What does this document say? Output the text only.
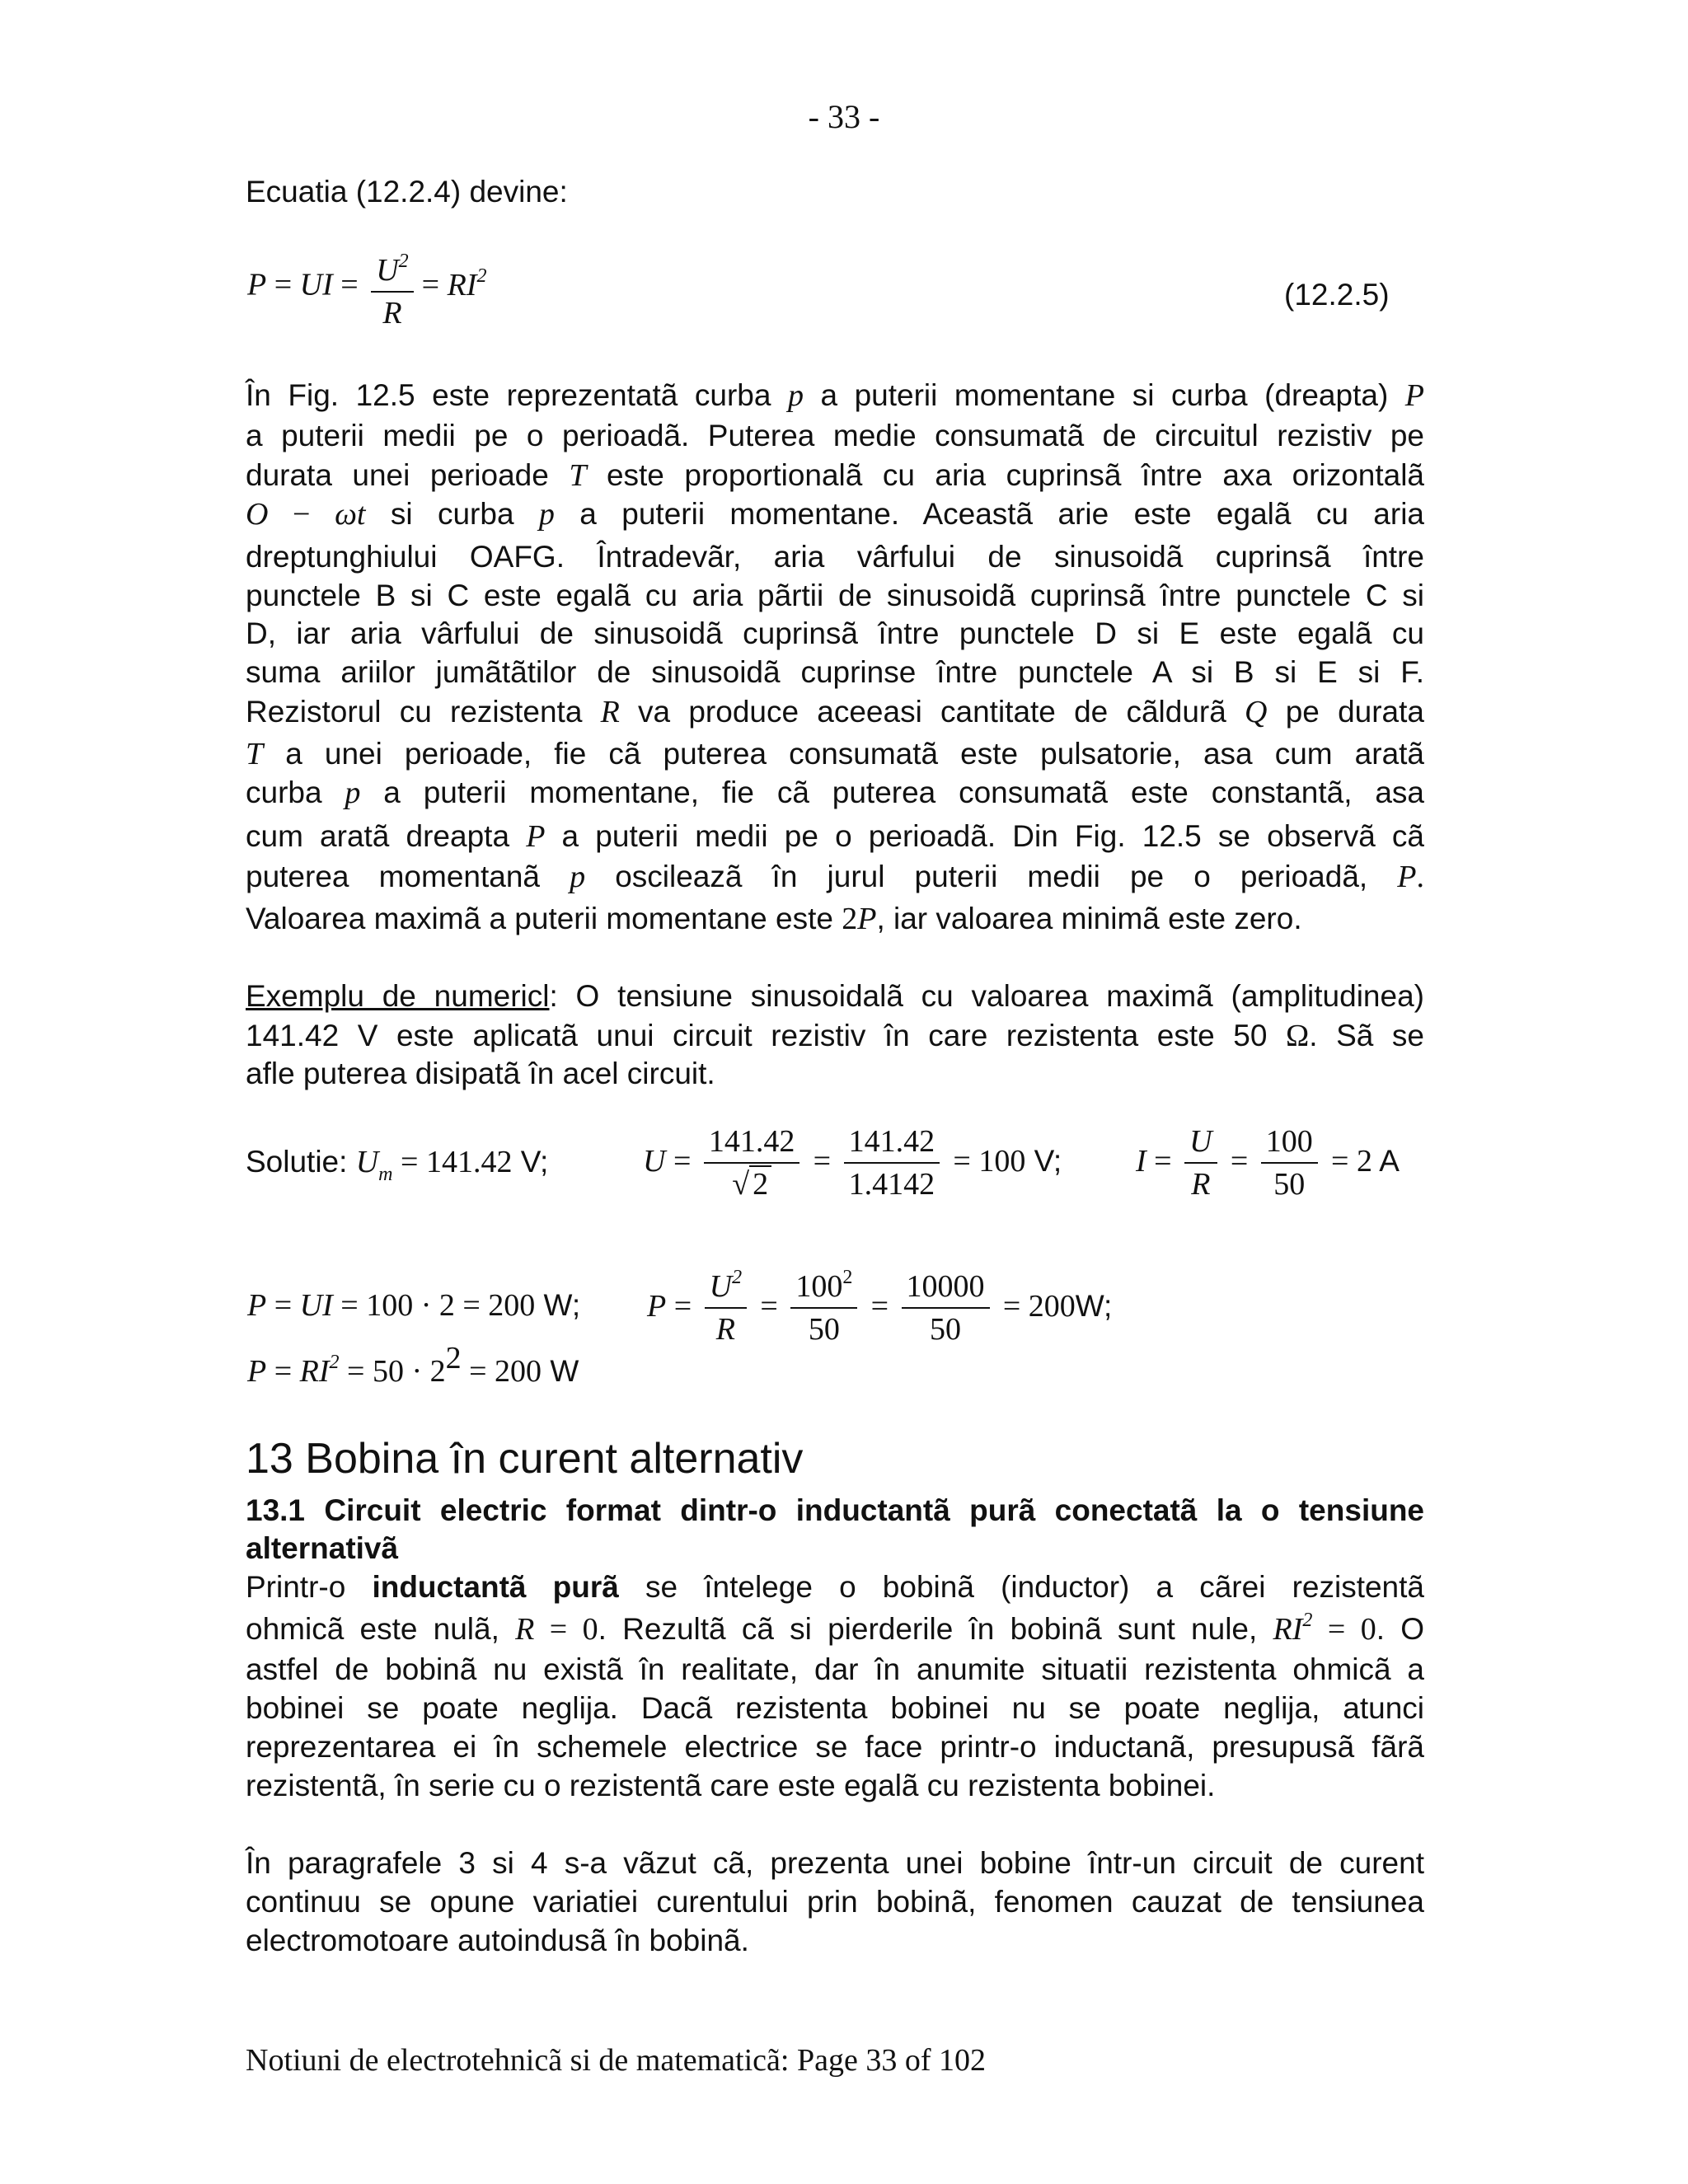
- 33 -
Ecuatia (12.2.4) devine:
P = UI = $\frac{U^2}{R} = RI^2$
(12.2.5)
În Fig. 12.5 este reprezentatã curba p a puterii momentane si curba (dreapta) P
a puterii medii pe o perioadã. Puterea medie consumatã de circuitul rezistiv pe
durata unei perioade T este proportionalã cu aria cuprinsã între axa orizontalã
O − ωt si curba p a puterii momentane. Aceastã arie este egalã cu aria
dreptunghiului OAFG. Întradevãr, aria vârfului de sinusoidã cuprinsã între
punctele B si C este egalã cu aria pãrtii de sinusoidã cuprinsã între punctele C si
D, iar aria vârfului de sinusoidã cuprinsã între punctele D si E este egalã cu
suma ariilor jumãtãtilor de sinusoidã cuprinse între punctele A si B si E si F.
Rezistorul cu rezistenta R va produce aceeasi cantitate de cãldurã Q pe durata
T a unei perioade, fie cã puterea consumatã este pulsatorie, asa cum aratã
curba p a puterii momentane, fie cã puterea consumatã este constantã, asa
cum aratã dreapta P a puterii medii pe o perioadã. Din Fig. 12.5 se observã cã
puterea momentanã p oscileazã în jurul puterii medii pe o perioadã, P.
Valoarea maximã a puterii momentane este 2P, iar valoarea minimã este zero.
Exemplu de numericl: O tensiune sinusoidalã cu valoarea maximã (amplitudinea)
141.42 V este aplicatã unui circuit rezistiv în care rezistenta este 50 Ω. Sã se
afle puterea disipatã în acel circuit.
Solutie: $U_m = 141.42$ V;	$U = \frac{141.42}{√ 2} = \frac{141.42}{1.4142} = 100$ V; $I = \frac{U}{R} = \frac{100}{50} = 2$ A
P = UI = 100 · 2 = 200 W; $P = \frac{U^2}{R} = \frac{100^2}{50} = \frac{10000}{50} = 200W$;
$P = RI^2 = 50 \cdot 2^2 = 200$ W
13 Bobina în curent alternativ
13.1 Circuit electric format dintr-o inductantã purã conectatã la o tensiune
alternativã
Printr-o inductantã purã se întelege o bobinã (inductor) a cãrei rezistentã
ohmicã este nulã, R = 0. Rezultã cã si pierderile în bobinã sunt nule, $RI^2 = 0$. O
astfel de bobinã nu existã în realitate, dar în anumite situatii rezistenta ohmicã a
bobinei se poate neglija. Dacã rezistenta bobinei nu se poate neglija, atunci
reprezentarea ei în schemele electrice se face printr-o inductanã, presupusã fãrã
rezistentã, în serie cu o rezistentã care este egalã cu rezistenta bobinei.
În paragrafele 3 si 4 s-a vãzut cã, prezenta unei bobine într-un circuit de curent
continuu se opune variatiei curentului prin bobinã, fenomen cauzat de tensiunea
electromotoare autoindusã în bobinã.
Notiuni de electrotehnicã si de matematicã: Page 33 of 102
